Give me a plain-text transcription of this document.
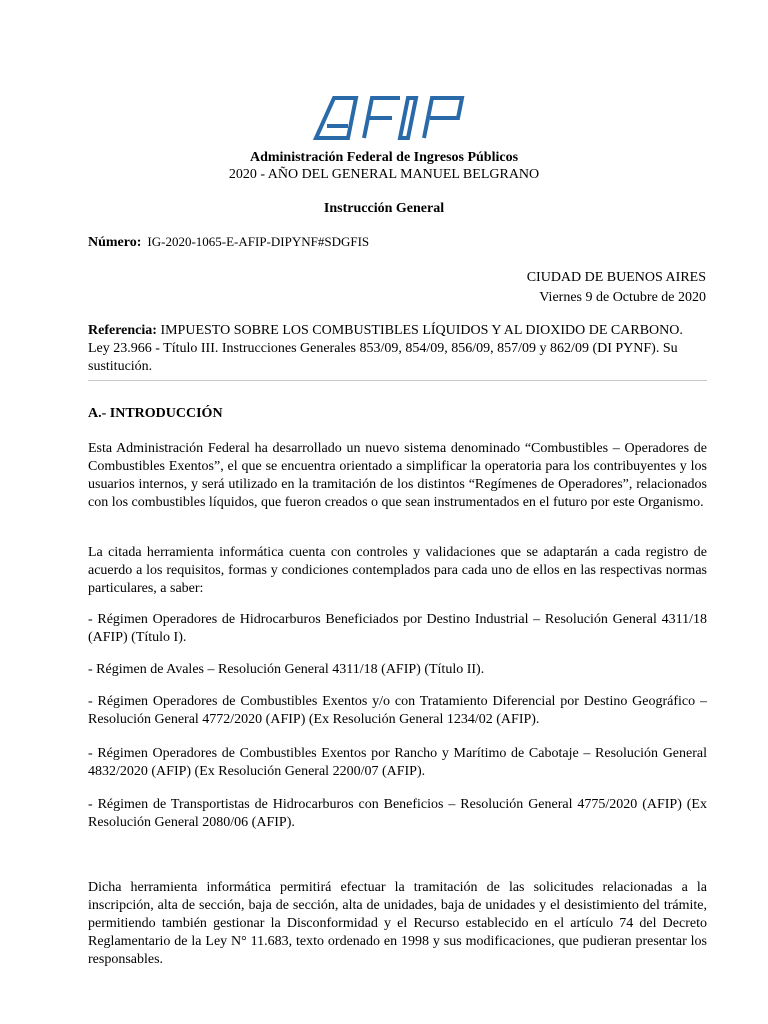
Administración Federal de Ingresos Públicos
2020 - AÑO DEL GENERAL MANUEL BELGRANO
Instrucción General
Número: IG-2020-1065-E-AFIP-DIPYNF#SDGFIS
CIUDAD DE BUENOS AIRES
Viernes 9 de Octubre de 2020
Referencia: IMPUESTO SOBRE LOS COMBUSTIBLES LÍQUIDOS Y AL DIOXIDO DE CARBONO. Ley 23.966 - Título III. Instrucciones Generales 853/09, 854/09, 856/09, 857/09 y 862/09 (DI PYNF). Su sustitución.
A.- INTRODUCCIÓN
Esta Administración Federal ha desarrollado un nuevo sistema denominado “Combustibles – Operadores de Combustibles Exentos”, el que se encuentra orientado a simplificar la operatoria para los contribuyentes y los usuarios internos, y será utilizado en la tramitación de los distintos “Regímenes de Operadores”, relacionados con los combustibles líquidos, que fueron creados o que sean instrumentados en el futuro por este Organismo.
La citada herramienta informática cuenta con controles y validaciones que se adaptarán a cada registro de acuerdo a los requisitos, formas y condiciones contemplados para cada uno de ellos en las respectivas normas particulares, a saber:
- Régimen Operadores de Hidrocarburos Beneficiados por Destino Industrial – Resolución General 4311/18 (AFIP) (Título I).
- Régimen de Avales – Resolución General 4311/18 (AFIP) (Título II).
- Régimen Operadores de Combustibles Exentos y/o con Tratamiento Diferencial por Destino Geográfico – Resolución General 4772/2020 (AFIP) (Ex Resolución General 1234/02 (AFIP).
- Régimen Operadores de Combustibles Exentos por Rancho y Marítimo de Cabotaje – Resolución General 4832/2020 (AFIP) (Ex Resolución General 2200/07 (AFIP).
- Régimen de Transportistas de Hidrocarburos con Beneficios – Resolución General 4775/2020 (AFIP) (Ex Resolución General 2080/06 (AFIP).
Dicha herramienta informática permitirá efectuar la tramitación de las solicitudes relacionadas a la inscripción, alta de sección, baja de sección, alta de unidades, baja de unidades y el desistimiento del trámite, permitiendo también gestionar la Disconformidad y el Recurso establecido en el artículo 74 del Decreto Reglamentario de la Ley N° 11.683, texto ordenado en 1998 y sus modificaciones, que pudieran presentar los responsables.
